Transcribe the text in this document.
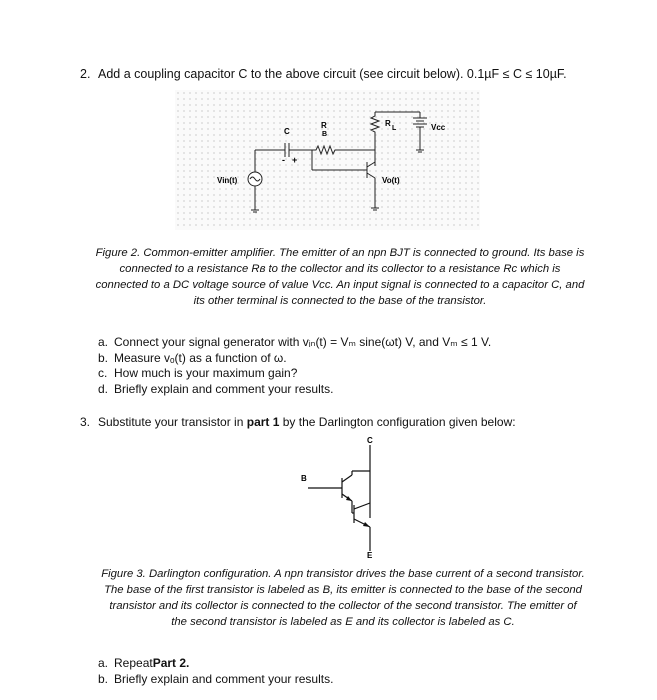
2. Add a coupling capacitor C to the above circuit (see circuit below). 0.1µF ≤ C ≤ 10µF.
C
R
B
R
L	Vcc
Vin(t)	Vo(t)
- +
Figure 2. Common-emitter amplifier. The emitter of an npn BJT is connected to ground. Its base is
connected to a resistance Rʙ to the collector and its collector to a resistance Rc which is
connected to a DC voltage source of value Vcc. An input signal is connected to a capacitor C, and
its other terminal is connected to the base of the transistor.
a. Connect your signal generator with vᵢₙ(t) = Vₘ sine(ωt) V, and Vₘ ≤ 1 V.
b. Measure vₒ(t) as a function of ω.
c. How much is your maximum gain?
d. Briefly explain and comment your results.
3. Substitute your transistor in part 1 by the Darlington configuration given below:
C
B
E
Figure 3. Darlington configuration. A npn transistor drives the base current of a second transistor.
The base of the first transistor is labeled as B, its emitter is connected to the base of the second
transistor and its collector is connected to the collector of the second transistor. The emitter of
the second transistor is labeled as E and its collector is labeled as C.
a. Repeat Part 2.
b. Briefly explain and comment your results.
